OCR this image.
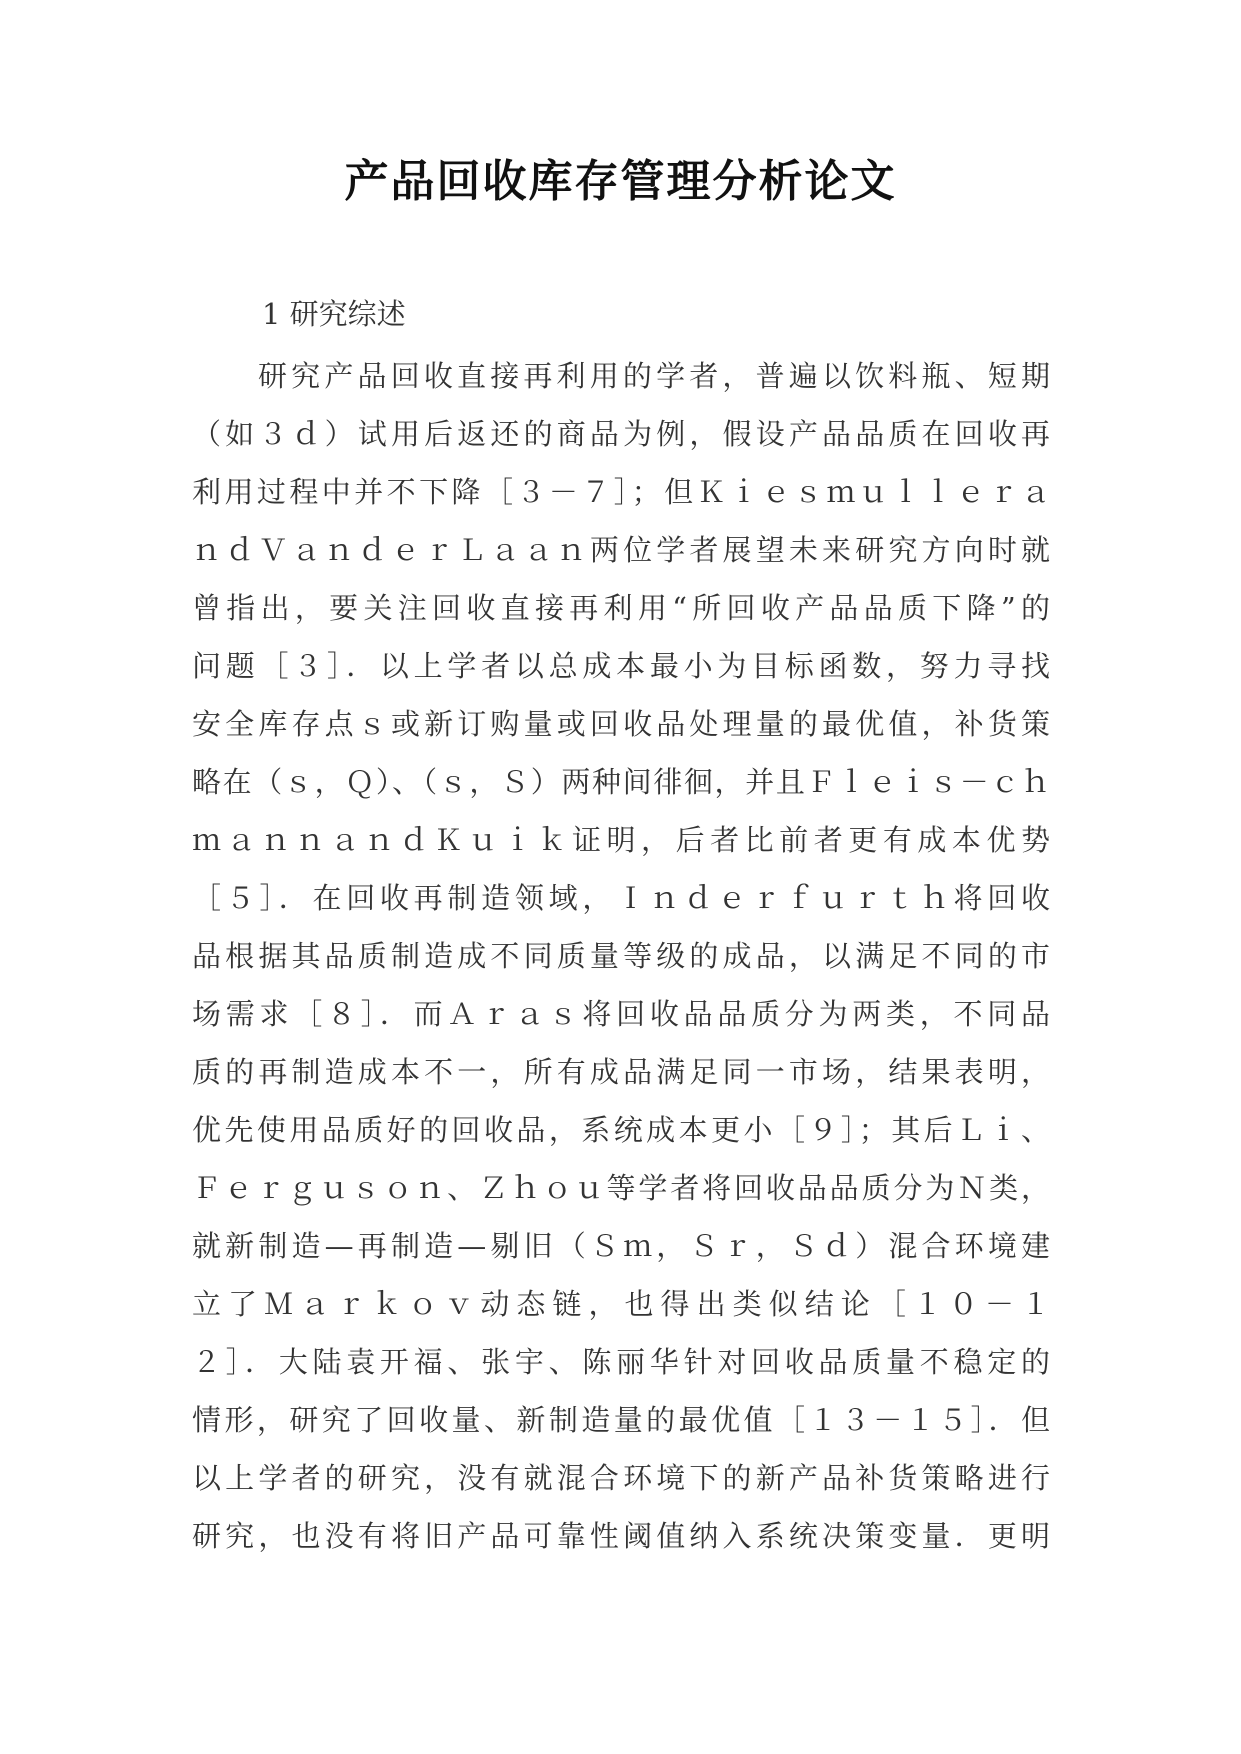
产品回收库存管理分析论文
1 研究综述
研究产品回收直接再利用的学者，普遍以饮料瓶、短期
（如３ｄ）试用后返还的商品为例，假设产品品质在回收再
利用过程中并不下降［３－７］；但Ｋｉｅｓｍｕｌｌｅｒａ
ｎｄＶａｎｄｅｒＬａａｎ两位学者展望未来研究方向时就
曾指出，要关注回收直接再利用“所回收产品品质下降”的
问题［３］．以上学者以总成本最小为目标函数，努力寻找
安全库存点ｓ或新订购量或回收品处理量的最优值，补货策
略在（ｓ，Ｑ）、（ｓ，Ｓ）两种间徘徊，并且Ｆｌｅｉｓ－ｃｈ
ｍａｎｎａｎｄＫｕｉｋ证明，后者比前者更有成本优势
［５］．在回收再制造领域，Ｉｎｄｅｒｆｕｒｔｈ将回收
品根据其品质制造成不同质量等级的成品，以满足不同的市
场需求［８］．而Ａｒａｓ将回收品品质分为两类，不同品
质的再制造成本不一，所有成品满足同一市场，结果表明，
优先使用品质好的回收品，系统成本更小［９］；其后Ｌｉ、
Ｆｅｒｇｕｓｏｎ、Ｚｈｏｕ等学者将回收品品质分为Ｎ类，
就新制造—再制造—剔旧（Ｓｍ，Ｓｒ，Ｓｄ）混合环境建
立了Ｍａｒｋｏｖ动态链，也得出类似结论［１０－１
２］．大陆袁开福、张宇、陈丽华针对回收品质量不稳定的
情形，研究了回收量、新制造量的最优值［１３－１５］．但
以上学者的研究，没有就混合环境下的新产品补货策略进行
研究，也没有将旧产品可靠性阈值纳入系统决策变量．更明
